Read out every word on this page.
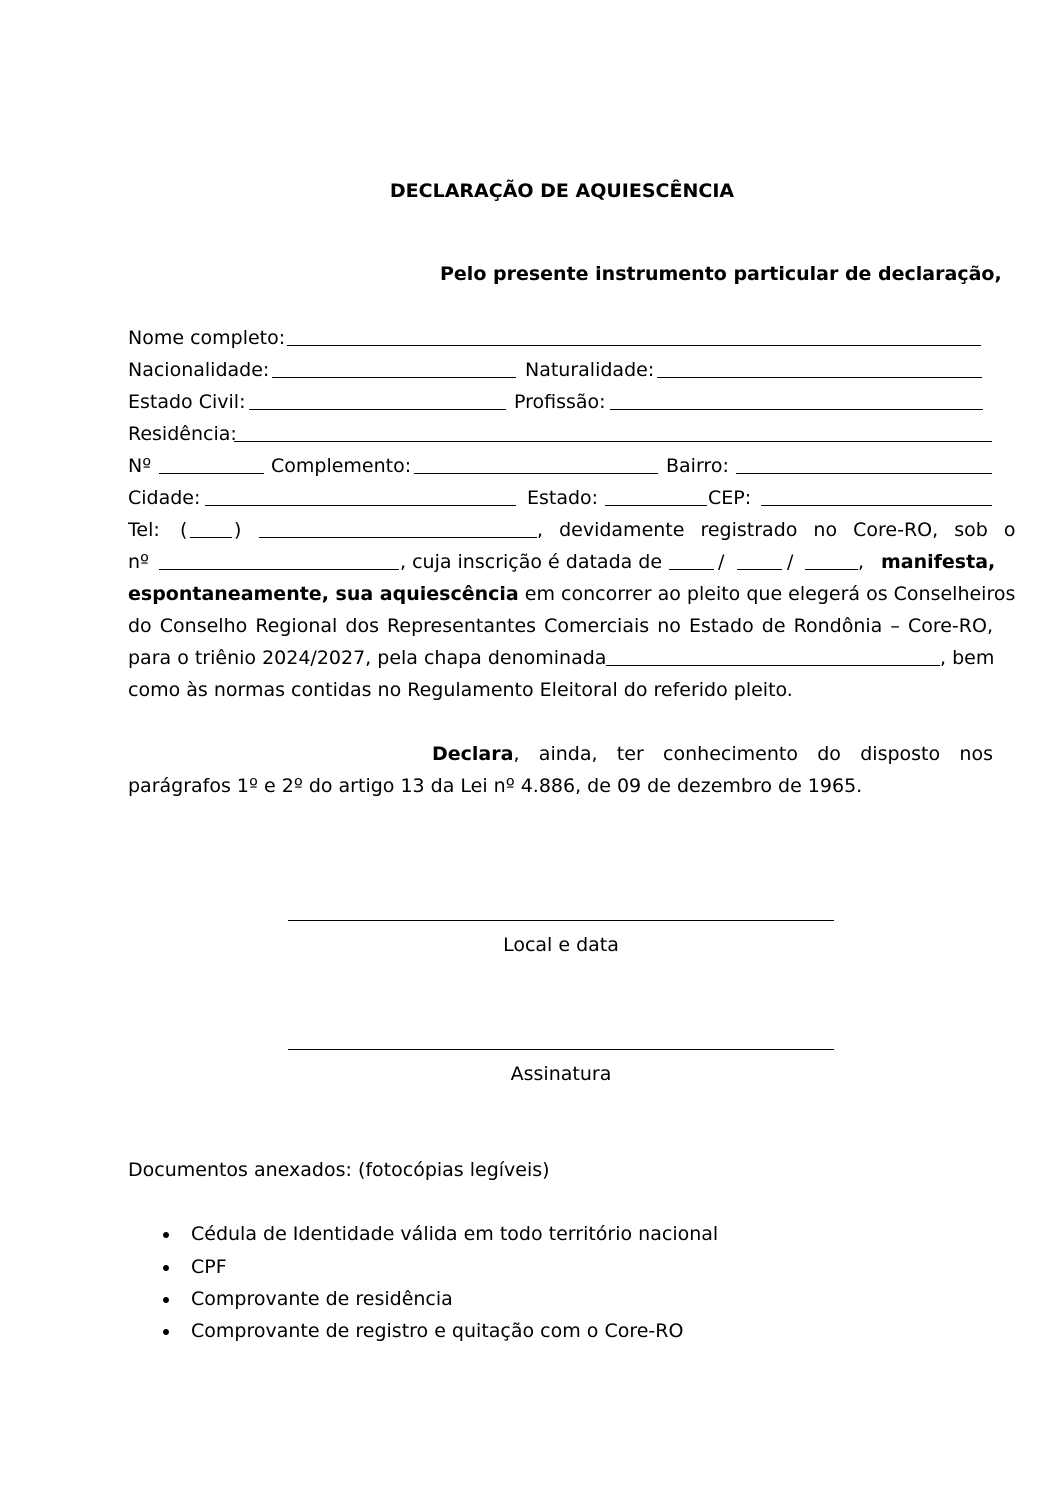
DECLARAÇÃO DE AQUIESCÊNCIA
Pelo presente instrumento particular de declaração,
Nome completo:
Nacionalidade:	Naturalidade:
Estado Civil:	Profissão:
Residência:
Nº	Complemento:	Bairro:
Cidade:	Estado:	CEP:
Tel: ( )	, devidamente registrado no Core-RO, sob o
nº	, cuja inscrição é datada de	/	/	, manifesta,
espontaneamente, sua aquiescência em concorrer ao pleito que elegerá os Conselheiros
do Conselho Regional dos Representantes Comerciais no Estado de Rondônia – Core-RO,
para o triênio 2024/2027, pela chapa denominada	, bem
como às normas contidas no Regulamento Eleitoral do referido pleito.
Declara, ainda, ter conhecimento do disposto nos
parágrafos 1º e 2º do artigo 13 da Lei nº 4.886, de 09 de dezembro de 1965.
Local e data
Assinatura
Documentos anexados: (fotocópias legíveis)
Cédula de Identidade válida em todo território nacional
CPF
Comprovante de residência
Comprovante de registro e quitação com o Core-RO
